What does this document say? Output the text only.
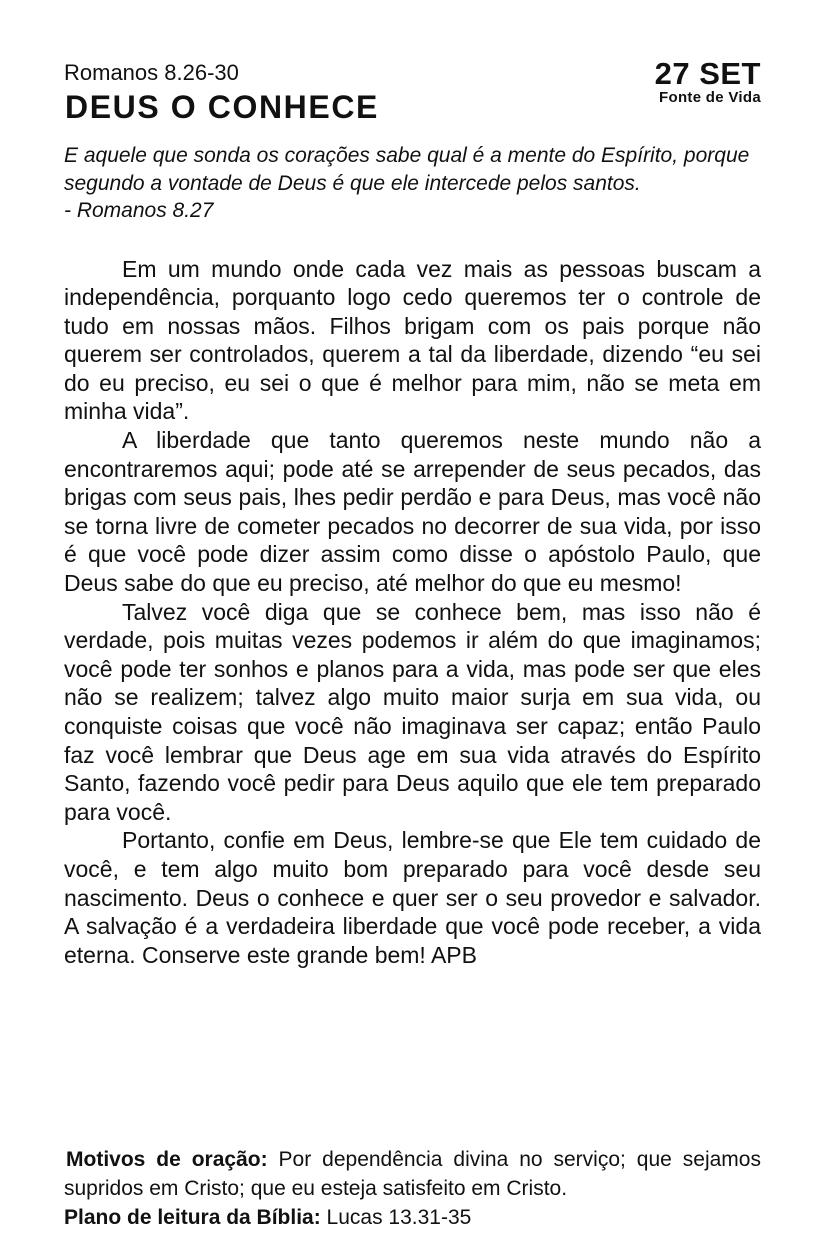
Romanos 8.26-30
DEUS O CONHECE
27 SET
Fonte de Vida
E aquele que sonda os corações sabe qual é a mente do Espírito, porque segundo a vontade de Deus é que ele intercede pelos santos.
- Romanos 8.27

Em um mundo onde cada vez mais as pessoas buscam a independência, porquanto logo cedo queremos ter o controle de tudo em nossas mãos. Filhos brigam com os pais porque não querem ser controlados, querem a tal da liberdade, dizendo “eu sei do eu preciso, eu sei o que é melhor para mim, não se meta em minha vida”.

A liberdade que tanto queremos neste mundo não a encontraremos aqui; pode até se arrepender de seus pecados, das brigas com seus pais, lhes pedir perdão e para Deus, mas você não se torna livre de cometer pecados no decorrer de sua vida, por isso é que você pode dizer assim como disse o apóstolo Paulo, que Deus sabe do que eu preciso, até melhor do que eu mesmo!

Talvez você diga que se conhece bem, mas isso não é verdade, pois muitas vezes podemos ir além do que imaginamos; você pode ter sonhos e planos para a vida, mas pode ser que eles não se realizem; talvez algo muito maior surja em sua vida, ou conquiste coisas que você não imaginava ser capaz; então Paulo faz você lembrar que Deus age em sua vida através do Espírito Santo, fazendo você pedir para Deus aquilo que ele tem preparado para você.

Portanto, confie em Deus, lembre-se que Ele tem cuidado de você, e tem algo muito bom preparado para você desde seu nascimento. Deus o conhece e quer ser o seu provedor e salvador. A salvação é a verdadeira liberdade que você pode receber, a vida eterna. Conserve este grande bem! APB

Motivos de oração: Por dependência divina no serviço; que sejamos supridos em Cristo; que eu esteja satisfeito em Cristo.

Plano de leitura da Bíblia: Lucas 13.31-35
